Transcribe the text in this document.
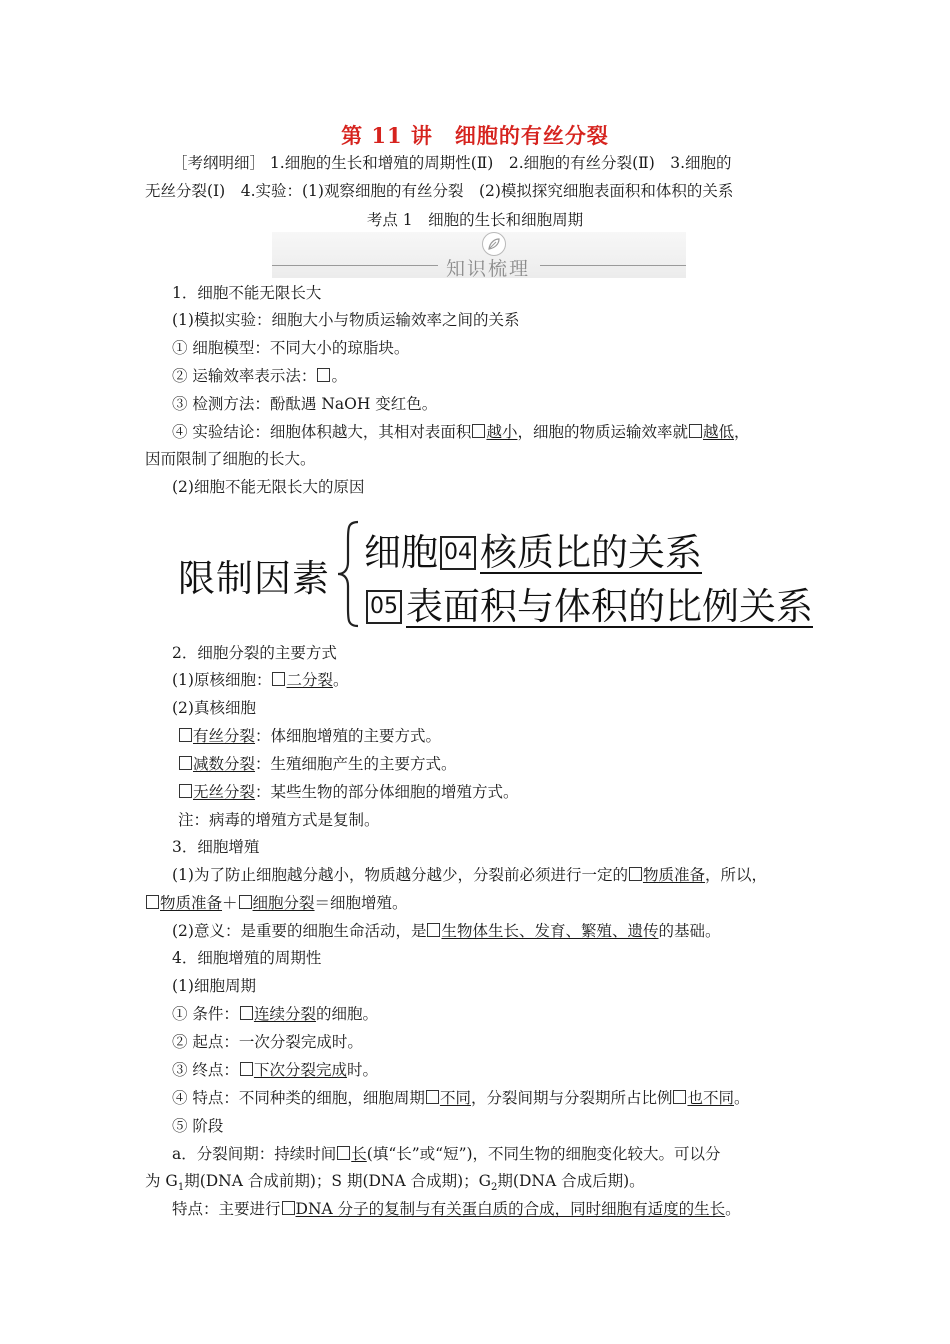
第 11 讲　细胞的有丝分裂
［考纲明细］ 1.细胞的生长和增殖的周期性(Ⅱ)　2.细胞的有丝分裂(Ⅱ)　3.细胞的
无丝分裂(Ⅰ)　4.实验：(1)观察细胞的有丝分裂　(2)模拟探究细胞表面积和体积的关系
考点 1　细胞的生长和细胞周期
知识梳理
1．细胞不能无限长大
(1)模拟实验：细胞大小与物质运输效率之间的关系
① 细胞模型：不同大小的琼脂块。
② 运输效率表示法： 。
③ 检测方法：酚酞遇 NaOH 变红色。
④ 实验结论：细胞体积越大，其相对表面积 越小，细胞的物质运输效率就 越低，
因而限制了细胞的长大。
(2)细胞不能无限长大的原因
限制因素
细胞 04 核质比的关系
05 表面积与体积的比例关系
2．细胞分裂的主要方式
(1)原核细胞： 二分裂。
(2)真核细胞
有丝分裂：体细胞增殖的主要方式。
减数分裂：生殖细胞产生的主要方式。
无丝分裂：某些生物的部分体细胞的增殖方式。
注：病毒的增殖方式是复制。
3．细胞增殖
(1)为了防止细胞越分越小，物质越分越少，分裂前必须进行一定的 物质准备，所以，
物质准备＋ 细胞分裂＝细胞增殖。
(2)意义：是重要的细胞生命活动，是 生物体生长、发育、繁殖、遗传的基础。
4．细胞增殖的周期性
(1)细胞周期
① 条件： 连续分裂的细胞。
② 起点：一次分裂完成时。
③ 终点： 下次分裂完成时。
④ 特点：不同种类的细胞，细胞周期 不同，分裂间期与分裂期所占比例 也不同。
⑤ 阶段
a．分裂间期：持续时间 长(填“长”或“短”)，不同生物的细胞变化较大。可以分
为 $G_1$期(DNA 合成前期)；S 期(DNA 合成期)；$G_2$期(DNA 合成后期)。
特点：主要进行 DNA 分子的复制与有关蛋白质的合成，同时细胞有适度的生长。
